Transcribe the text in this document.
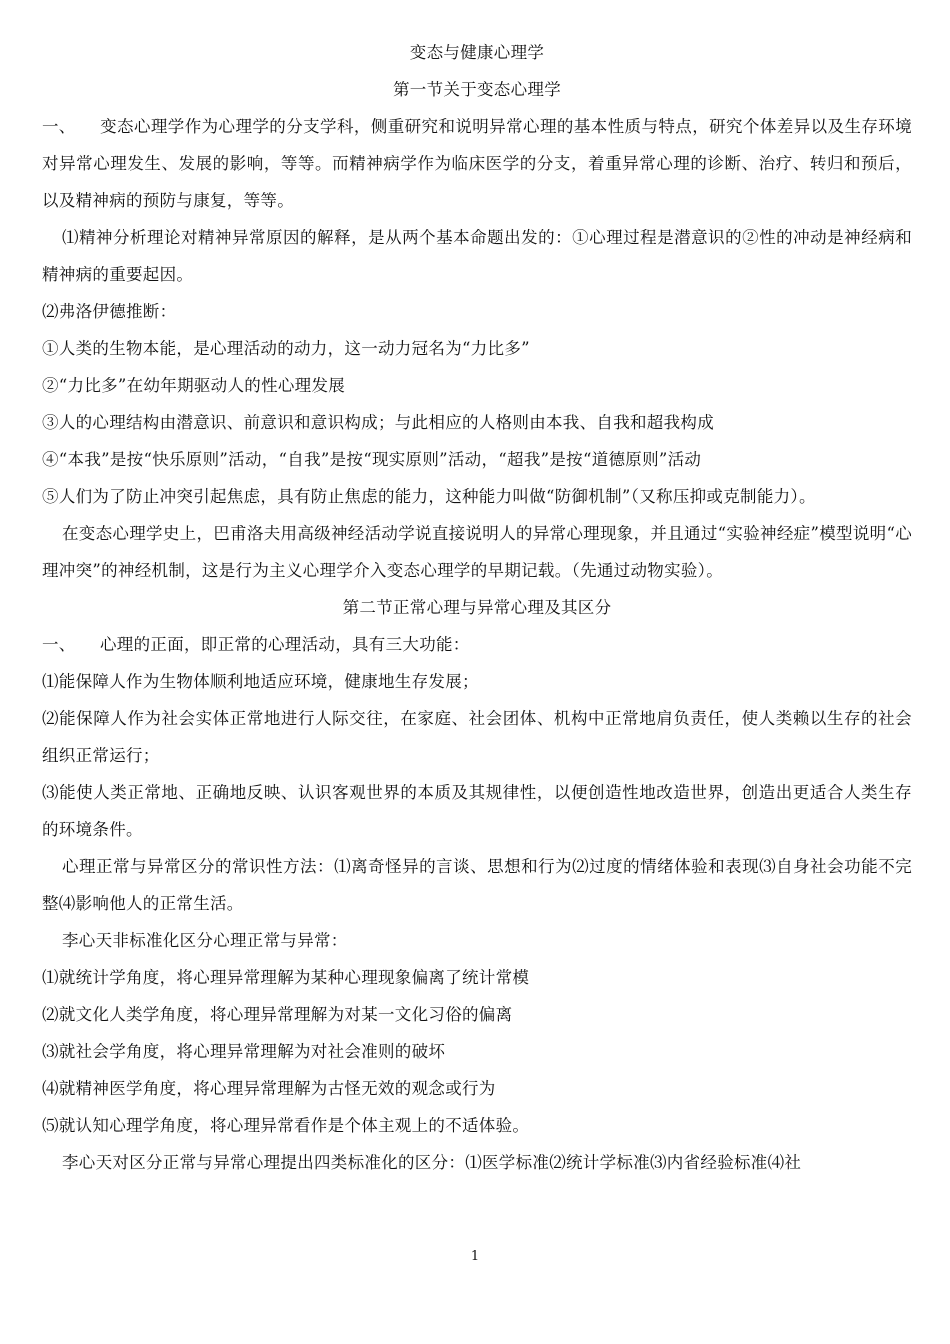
变态与健康心理学

第一节关于变态心理学

一、 变态心理学作为心理学的分支学科，侧重研究和说明异常心理的基本性质与特点，研究个体差异以及生存环境对异常心理发生、发展的影响，等等。而精神病学作为临床医学的分支，着重异常心理的诊断、治疗、转归和预后，以及精神病的预防与康复，等等。

⑴精神分析理论对精神异常原因的解释，是从两个基本命题出发的：①心理过程是潜意识的②性的冲动是神经病和精神病的重要起因。

⑵弗洛伊德推断：

①人类的生物本能，是心理活动的动力，这一动力冠名为“力比多”

②“力比多”在幼年期驱动人的性心理发展

③人的心理结构由潜意识、前意识和意识构成；与此相应的人格则由本我、自我和超我构成

④“本我”是按“快乐原则”活动，“自我”是按“现实原则”活动，“超我”是按“道德原则”活动

⑤人们为了防止冲突引起焦虑，具有防止焦虑的能力，这种能力叫做“防御机制”（又称压抑或克制能力）。

在变态心理学史上，巴甫洛夫用高级神经活动学说直接说明人的异常心理现象，并且通过“实验神经症”模型说明“心理冲突”的神经机制，这是行为主义心理学介入变态心理学的早期记载。（先通过动物实验）。

第二节正常心理与异常心理及其区分

一、 心理的正面，即正常的心理活动，具有三大功能：

⑴能保障人作为生物体顺利地适应环境，健康地生存发展；

⑵能保障人作为社会实体正常地进行人际交往，在家庭、社会团体、机构中正常地肩负责任，使人类赖以生存的社会组织正常运行；

⑶能使人类正常地、正确地反映、认识客观世界的本质及其规律性，以便创造性地改造世界，创造出更适合人类生存的环境条件。

心理正常与异常区分的常识性方法：⑴离奇怪异的言谈、思想和行为⑵过度的情绪体验和表现⑶自身社会功能不完整⑷影响他人的正常生活。

李心天非标准化区分心理正常与异常：

⑴就统计学角度，将心理异常理解为某种心理现象偏离了统计常模

⑵就文化人类学角度，将心理异常理解为对某一文化习俗的偏离

⑶就社会学角度，将心理异常理解为对社会准则的破坏

⑷就精神医学角度，将心理异常理解为古怪无效的观念或行为

⑸就认知心理学角度，将心理异常看作是个体主观上的不适体验。

李心天对区分正常与异常心理提出四类标准化的区分：⑴医学标准⑵统计学标准⑶内省经验标准⑷社

1
